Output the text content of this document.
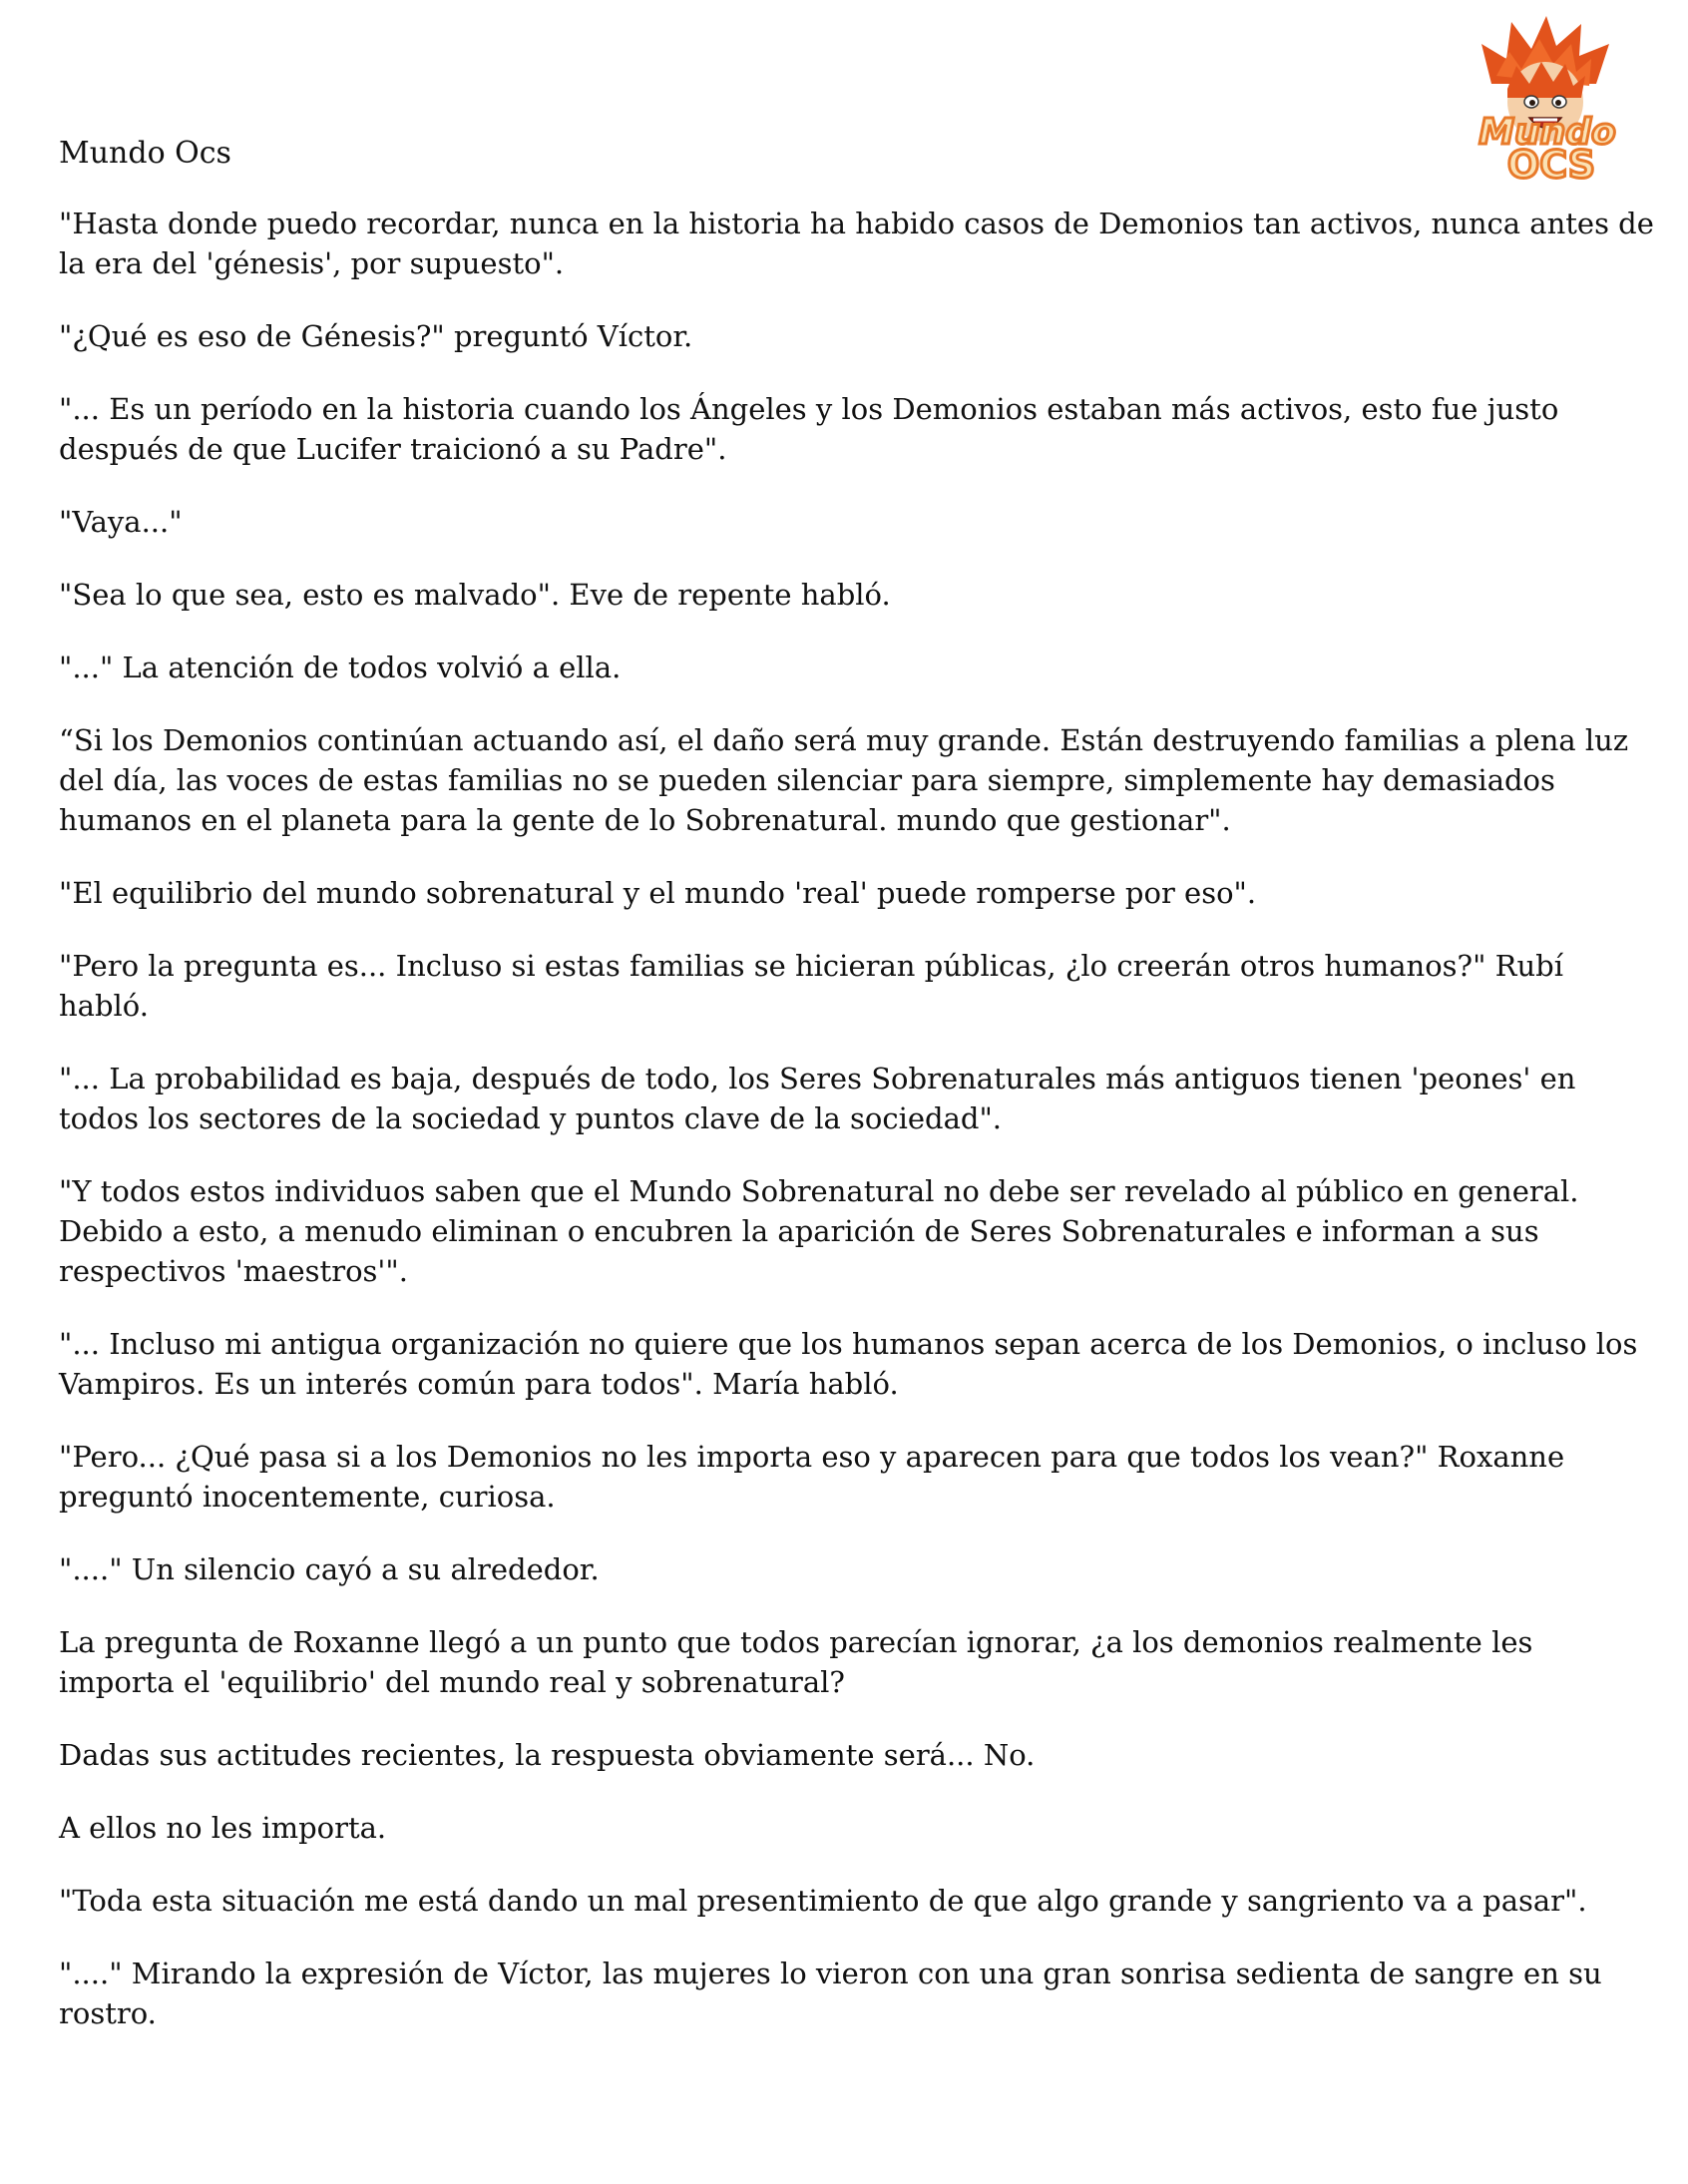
Mundo
OCS
Mundo Ocs

"Hasta donde puedo recordar, nunca en la historia ha habido casos de Demonios tan activos, nunca antes de la era del 'génesis', por supuesto".

"¿Qué es eso de Génesis?" preguntó Víctor.

"... Es un período en la historia cuando los Ángeles y los Demonios estaban más activos, esto fue justo después de que Lucifer traicionó a su Padre".

"Vaya..."

"Sea lo que sea, esto es malvado". Eve de repente habló.

"..." La atención de todos volvió a ella.

“Si los Demonios continúan actuando así, el daño será muy grande. Están destruyendo familias a plena luz del día, las voces de estas familias no se pueden silenciar para siempre, simplemente hay demasiados humanos en el planeta para la gente de lo Sobrenatural. mundo que gestionar".

"El equilibrio del mundo sobrenatural y el mundo 'real' puede romperse por eso".

"Pero la pregunta es... Incluso si estas familias se hicieran públicas, ¿lo creerán otros humanos?" Rubí habló.

"... La probabilidad es baja, después de todo, los Seres Sobrenaturales más antiguos tienen 'peones' en todos los sectores de la sociedad y puntos clave de la sociedad".

"Y todos estos individuos saben que el Mundo Sobrenatural no debe ser revelado al público en general. Debido a esto, a menudo eliminan o encubren la aparición de Seres Sobrenaturales e informan a sus respectivos 'maestros'".

"... Incluso mi antigua organización no quiere que los humanos sepan acerca de los Demonios, o incluso los Vampiros. Es un interés común para todos". María habló.

"Pero... ¿Qué pasa si a los Demonios no les importa eso y aparecen para que todos los vean?" Roxanne preguntó inocentemente, curiosa.

"...." Un silencio cayó a su alrededor.

La pregunta de Roxanne llegó a un punto que todos parecían ignorar, ¿a los demonios realmente les importa el 'equilibrio' del mundo real y sobrenatural?

Dadas sus actitudes recientes, la respuesta obviamente será... No.

A ellos no les importa.

"Toda esta situación me está dando un mal presentimiento de que algo grande y sangriento va a pasar".

"...." Mirando la expresión de Víctor, las mujeres lo vieron con una gran sonrisa sedienta de sangre en su rostro.
